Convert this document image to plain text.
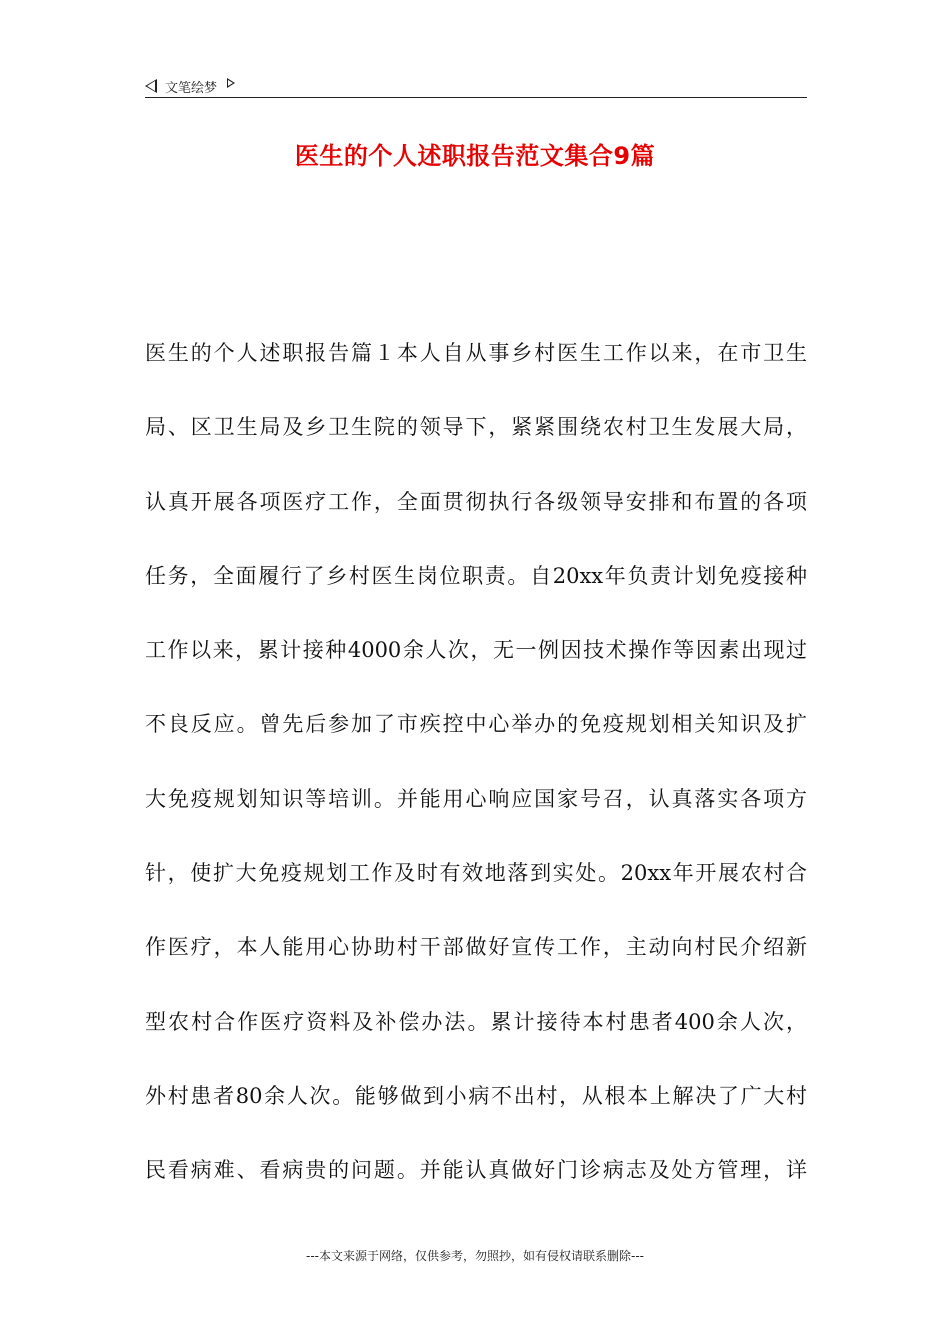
文笔绘梦
医生的个人述职报告范文集合9篇
医生的个人述职报告篇１本人自从事乡村医生工作以来，在市卫生
局、区卫生局及乡卫生院的领导下，紧紧围绕农村卫生发展大局，
认真开展各项医疗工作，全面贯彻执行各级领导安排和布置的各项
任务，全面履行了乡村医生岗位职责。自20xx年负责计划免疫接种
工作以来，累计接种4000余人次，无一例因技术操作等因素出现过
不良反应。曾先后参加了市疾控中心举办的免疫规划相关知识及扩
大免疫规划知识等培训。并能用心响应国家号召，认真落实各项方
针，使扩大免疫规划工作及时有效地落到实处。20xx年开展农村合
作医疗，本人能用心协助村干部做好宣传工作，主动向村民介绍新
型农村合作医疗资料及补偿办法。累计接待本村患者400余人次，
外村患者80余人次。能够做到小病不出村，从根本上解决了广大村
民看病难、看病贵的问题。并能认真做好门诊病志及处方管理，详
---本文来源于网络，仅供参考，勿照抄，如有侵权请联系删除---
